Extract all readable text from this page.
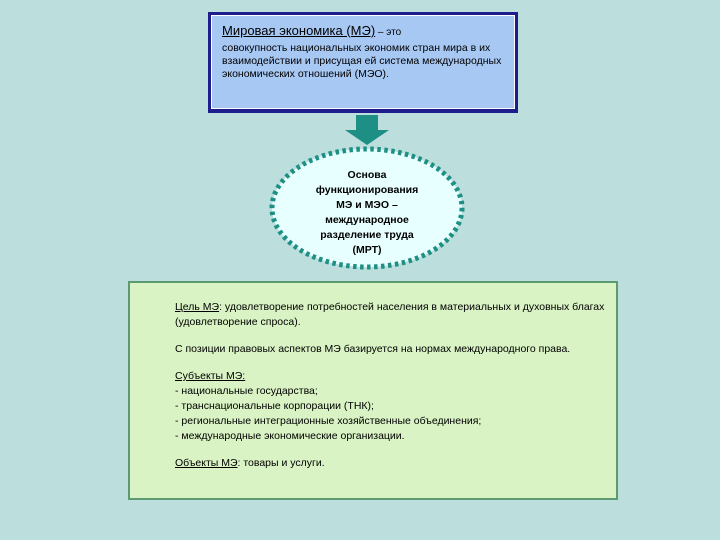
Мировая экономика (МЭ) – это
совокупность национальных экономик стран мира в их взаимодействии и присущая ей система международных экономических отношений (МЭО).
Основа
функционирования
МЭ и МЭО –
международное
разделение труда
(МРТ)

Цель МЭ: удовлетворение потребностей населения в материальных и духовных благах (удовлетворение спроса).

С позиции правовых аспектов МЭ базируется на нормах международного права.

Субъекты МЭ:
- национальные государства;
- транснациональные корпорации (ТНК);
- региональные интеграционные хозяйственные объединения;
- международные экономические организации.

Объекты МЭ: товары и услуги.
